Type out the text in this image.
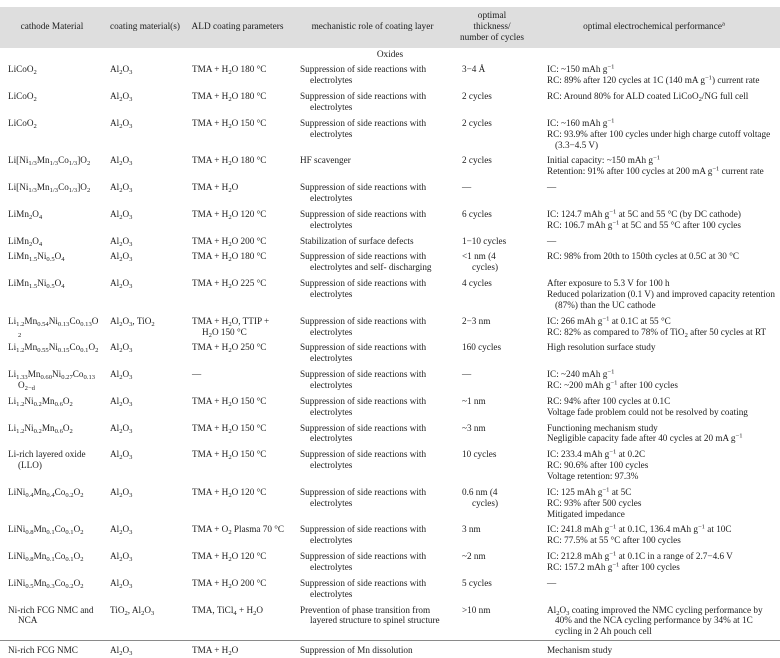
cathode Material	coating material(s)	ALD coating parameters	mechanistic role of coating layer	optimal thickness/ number of cycles	optimal electrochemical performance$^a$
Oxides					
LiCoO$_2$	$Al_2O_3$	TMA + $H_2O$ 180 °C	Suppression of side reactions with electrolytes	3−4 Å	IC: ~150 mAh $g^{-1}$
RC: 89% after 120 cycles at 1C (140 mA $g^{-1}$) current rate

LiCoO$_2$	$Al_2O_3$	TMA + $H_2O$ 180 °C	Suppression of side reactions with electrolytes	2 cycles	RC: Around 80% for ALD coated LiCoO$_2$/NG full cell

LiCoO$_2$	$Al_2O_3$	TMA + $H_2O$ 150 °C	Suppression of side reactions with electrolytes	2 cycles	IC: ~160 mAh $g^{-1}$
RC: 93.9% after 100 cycles under high charge cutoff voltage (3.3−4.5 V)

$Li[Ni_{1/3}Mn_{1/3}Co_{1/3}]O_2$	$Al_2O_3$	TMA + $H_2O$ 180 °C	HF scavenger	2 cycles	Initial capacity: ~150 mAh $g^{-1}$
Retention: 91% after 100 cycles at 200 mA $g^{-1}$ current rate

$Li[Ni_{1/3}Mn_{1/3}Co_{1/3}]O_2$	$Al_2O_3$	TMA + $H_2O$	Suppression of side reactions with electrolytes	—	—

$LiMn_2O_4$	$Al_2O_3$	TMA + $H_2O$ 120 °C	Suppression of side reactions with electrolytes	6 cycles	IC: 124.7 mAh $g^{-1}$ at 5C and 55 °C (by DC cathode)
RC: 106.7 mAh $g^{-1}$ at 5C and 55 °C after 100 cycles

$LiMn_2O_4$	$Al_2O_3$	TMA + $H_2O$ 200 °C	Stabilization of surface defects	1−10 cycles	—

$LiMn_{1.5}Ni_{0.5}O_4$	$Al_2O_3$	TMA + $H_2O$ 180 °C	Suppression of side reactions with electrolytes and self- discharging	<1 nm (4 cycles)	RC: 98% from 20th to 150th cycles at 0.5C at 30 °C

$LiMn_{1.5}Ni_{0.5}O_4$	$Al_2O_3$	TMA + $H_2O$ 225 °C	Suppression of side reactions with electrolytes	4 cycles	After exposure to 5.3 V for 100 h
Reduced polarization (0.1 V) and improved capacity retention (87%) than the UC cathode

$Li_{1.2}Mn_{0.54}Ni_{0.13}Co_{0.13}O_2$	$Al_2O_3$, TiO$_2$	TMA + $H_2O$, TTIP + $H_2O$ 150 °C	Suppression of side reactions with electrolytes	2−3 nm	IC: 266 mAh $g^{-1}$ at 0.1C at 55 °C
RC: 82% as compared to 78% of TiO$_2$ after 50 cycles at RT

$Li_{1.2}Mn_{0.55}Ni_{0.15}Co_{0.1}O_2$	$Al_2O_3$	TMA + $H_2O$ 250 °C	Suppression of side reactions with electrolytes	160 cycles	High resolution surface study

$Li_{1.33}Mn_{0.60}Ni_{0.27}Co_{0.13}O_{2-d}$	$Al_2O_3$	—	Suppression of side reactions with electrolytes	—	IC: ~240 mAh $g^{-1}$
RC: ~200 mAh $g^{-1}$ after 100 cycles

$Li_{1.2}Ni_{0.2}Mn_{0.6}O_2$	$Al_2O_3$	TMA + $H_2O$ 150 °C	Suppression of side reactions with electrolytes	~1 nm	RC: 94% after 100 cycles at 0.1C
Voltage fade problem could not be resolved by coating

$Li_{1.2}Ni_{0.2}Mn_{0.6}O_2$	$Al_2O_3$	TMA + $H_2O$ 150 °C	Suppression of side reactions with electrolytes	~3 nm	Functioning mechanism study
Negligible capacity fade after 40 cycles at 20 mA $g^{-1}$

Li-rich layered oxide (LLO)	$Al_2O_3$	TMA + $H_2O$ 150 °C	Suppression of side reactions with electrolytes	10 cycles	IC: 233.4 mAh $g^{-1}$ at 0.2C
RC: 90.6% after 100 cycles
Voltage retention: 97.3%

$LiNi_{0.4}Mn_{0.4}Co_{0.2}O_2$	$Al_2O_3$	TMA + $H_2O$ 120 °C	Suppression of side reactions with electrolytes	0.6 nm (4 cycles)	IC: 125 mAh $g^{-1}$ at 5C
RC: 93% after 500 cycles
Mitigated impedance

$LiNi_{0.8}Mn_{0.1}Co_{0.1}O_2$	$Al_2O_3$	TMA + $O_2$ Plasma 70 °C	Suppression of side reactions with electrolytes	3 nm	IC: 241.8 mAh $g^{-1}$ at 0.1C, 136.4 mAh $g^{-1}$ at 10C
RC: 77.5% at 55 °C after 100 cycles

$LiNi_{0.8}Mn_{0.1}Co_{0.1}O_2$	$Al_2O_3$	TMA + $H_2O$ 120 °C	Suppression of side reactions with electrolytes	~2 nm	IC: 212.8 mAh $g^{-1}$ at 0.1C in a range of 2.7−4.6 V
RC: 157.2 mAh $g^{-1}$ after 100 cycles

$LiNi_{0.5}Mn_{0.3}Co_{0.2}O_2$	$Al_2O_3$	TMA + $H_2O$ 200 °C	Suppression of side reactions with electrolytes	5 cycles	—

Ni-rich FCG NMC and NCA	TiO$_2$, $Al_2O_3$	TMA, TiCl$_4$ + $H_2O$	Prevention of phase transition from layered structure to spinel structure	>10 nm	$Al_2O_3$ coating improved the NMC cycling performance by 40% and the NCA cycling performance by 34% at 1C cycling in 2 Ah pouch cell

Ni-rich FCG NMC	$Al_2O_3$	TMA + $H_2O$	Suppression of Mn dissolution		Mechanism study
